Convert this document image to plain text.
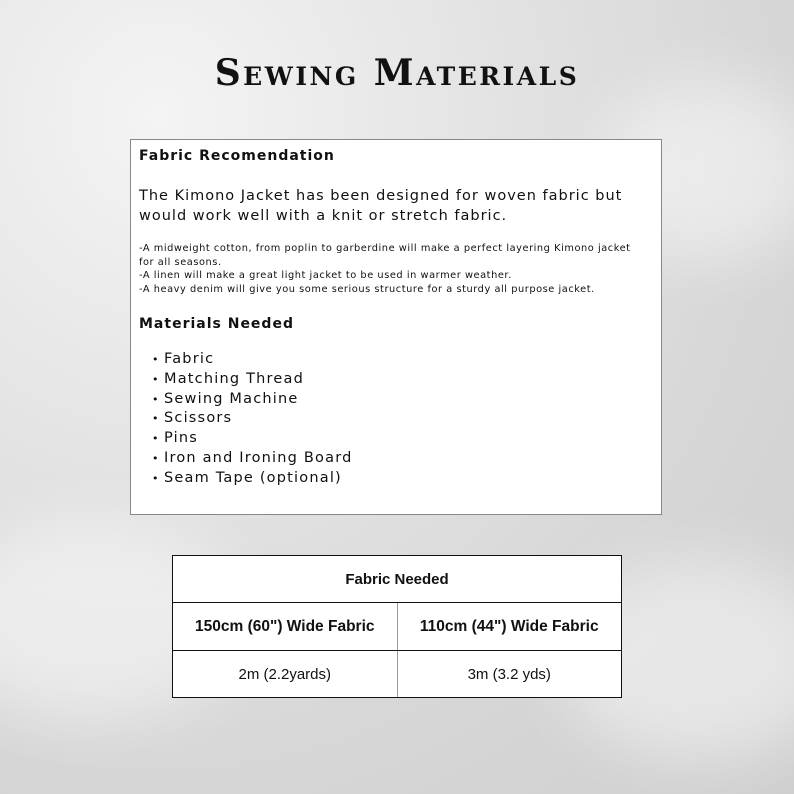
Sewing Materials

Fabric Recomendation

The Kimono Jacket has been designed for woven fabric but would work well with a knit or stretch fabric.

-A midweight cotton, from poplin to garberdine will make a perfect layering Kimono jacket for all seasons.
-A linen will make a great light jacket to be used in warmer weather.
-A heavy denim will give you some serious structure for a sturdy all purpose jacket.

Materials Needed

• Fabric
• Matching Thread
• Sewing Machine
• Scissors
• Pins
• Iron and Ironing Board
• Seam Tape (optional)
Fabric Needed	
150cm (60") Wide Fabric	110cm (44") Wide Fabric
2m (2.2yards)	3m (3.2 yds)
